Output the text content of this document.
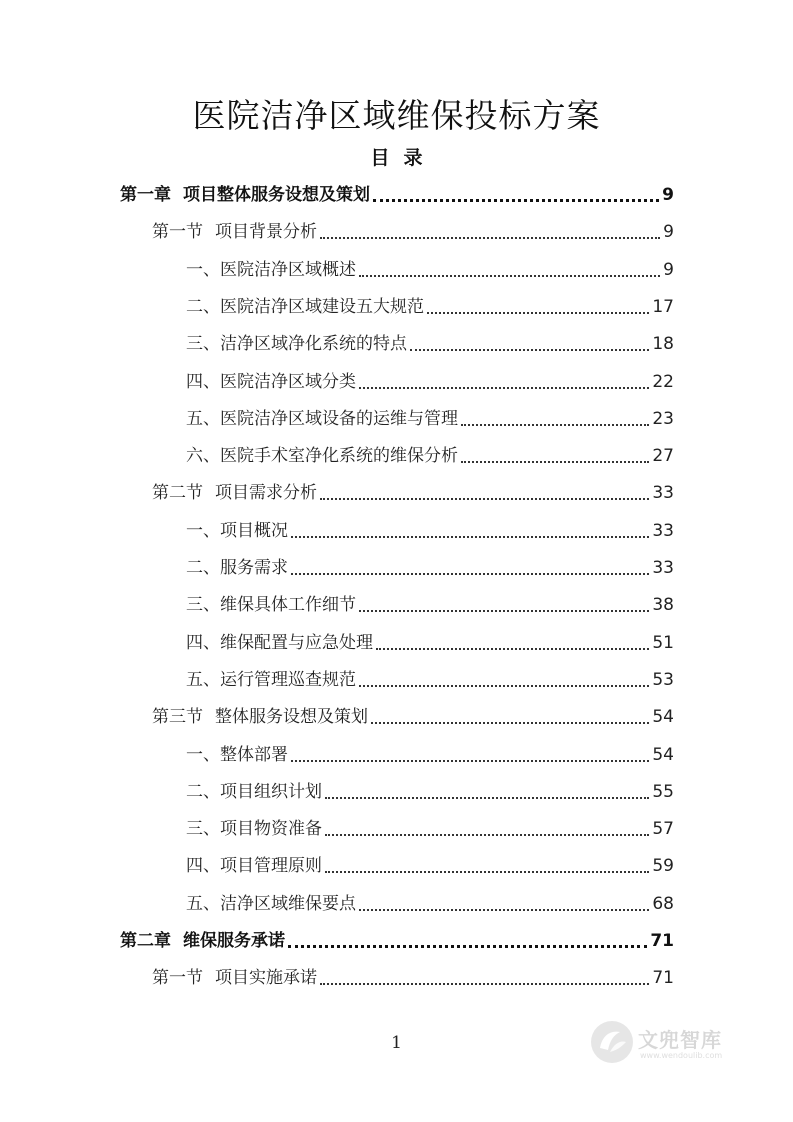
医院洁净区域维保投标方案
目 录
第一章 项目整体服务设想及策划	9
第一节 项目背景分析	9
一、医院洁净区域概述	9
二、医院洁净区域建设五大规范	17
三、洁净区域净化系统的特点	18
四、医院洁净区域分类	22
五、医院洁净区域设备的运维与管理	23
六、医院手术室净化系统的维保分析	27
第二节 项目需求分析	33
一、项目概况	33
二、服务需求	33
三、维保具体工作细节	38
四、维保配置与应急处理	51
五、运行管理巡查规范	53
第三节 整体服务设想及策划	54
一、整体部署	54
二、项目组织计划	55
三、项目物资准备	57
四、项目管理原则	59
五、洁净区域维保要点	68
第二章 维保服务承诺	71
第一节 项目实施承诺	71
1	文兜智库
www.wendoulib.com
